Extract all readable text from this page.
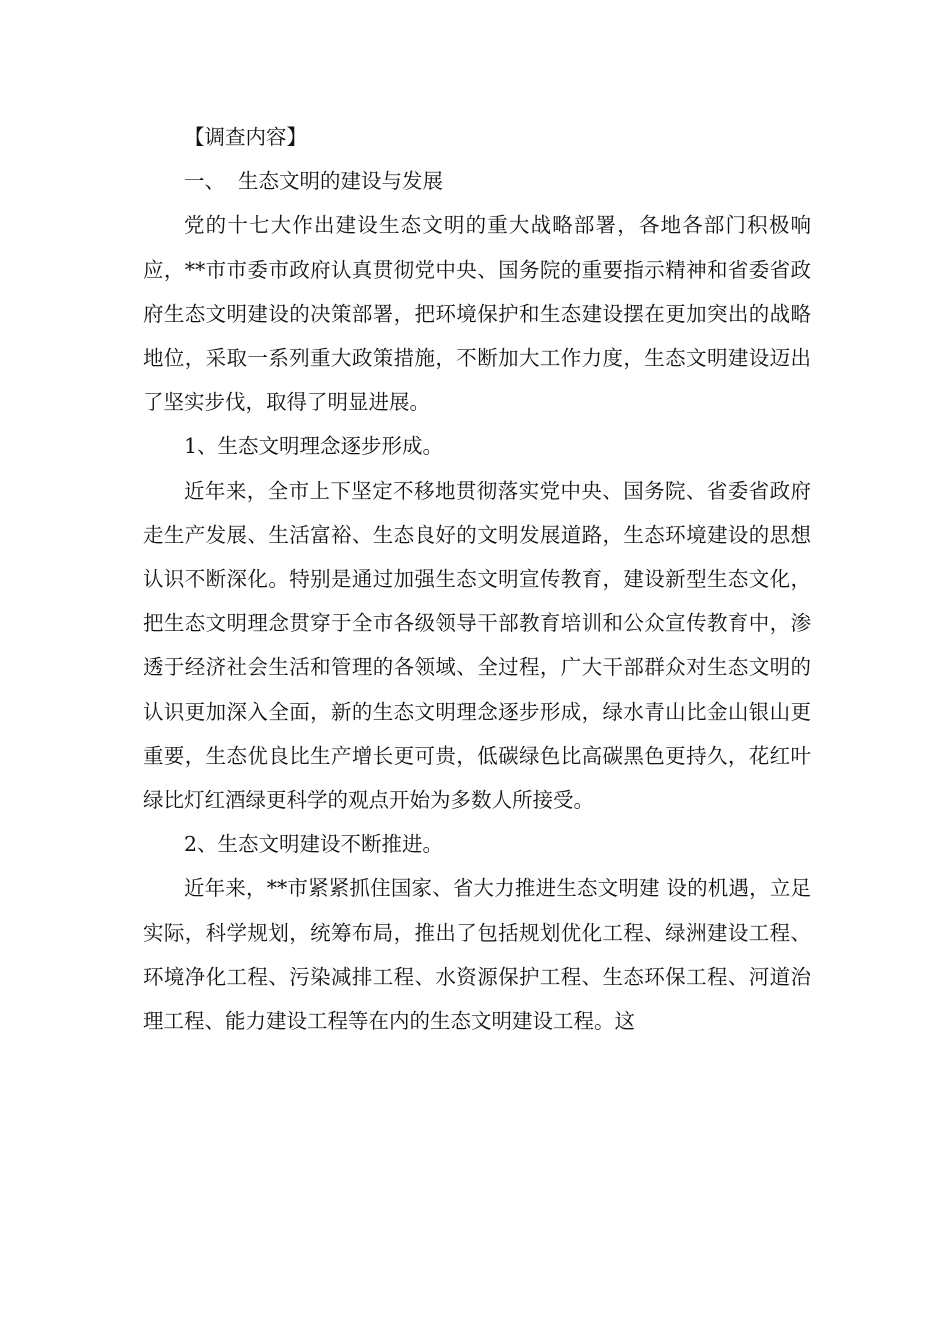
【调查内容】

一、  生态文明的建设与发展

党的十七大作出建设生态文明的重大战略部署，各地各部门积极响应，**市市委市政府认真贯彻党中央、国务院的重要指示精神和省委省政府生态文明建设的决策部署，把环境保护和生态建设摆在更加突出的战略地位，采取一系列重大政策措施，不断加大工作力度，生态文明建设迈出了坚实步伐，取得了明显进展。

1、生态文明理念逐步形成。

近年来，全市上下坚定不移地贯彻落实党中央、国务院、省委省政府走生产发展、生活富裕、生态良好的文明发展道路，生态环境建设的思想认识不断深化。特别是通过加强生态文明宣传教育，建设新型生态文化，把生态文明理念贯穿于全市各级领导干部教育培训和公众宣传教育中，渗透于经济社会生活和管理的各领域、全过程，广大干部群众对生态文明的认识更加深入全面，新的生态文明理念逐步形成，绿水青山比金山银山更重要，生态优良比生产增长更可贵，低碳绿色比高碳黑色更持久，花红叶绿比灯红酒绿更科学的观点开始为多数人所接受。

2、生态文明建设不断推进。

近年来，**市紧紧抓住国家、省大力推进生态文明建 设的机遇，立足实际，科学规划，统筹布局，推出了包括规划优化工程、绿洲建设工程、环境净化工程、污染减排工程、水资源保护工程、生态环保工程、河道治理工程、能力建设工程等在内的生态文明建设工程。这
